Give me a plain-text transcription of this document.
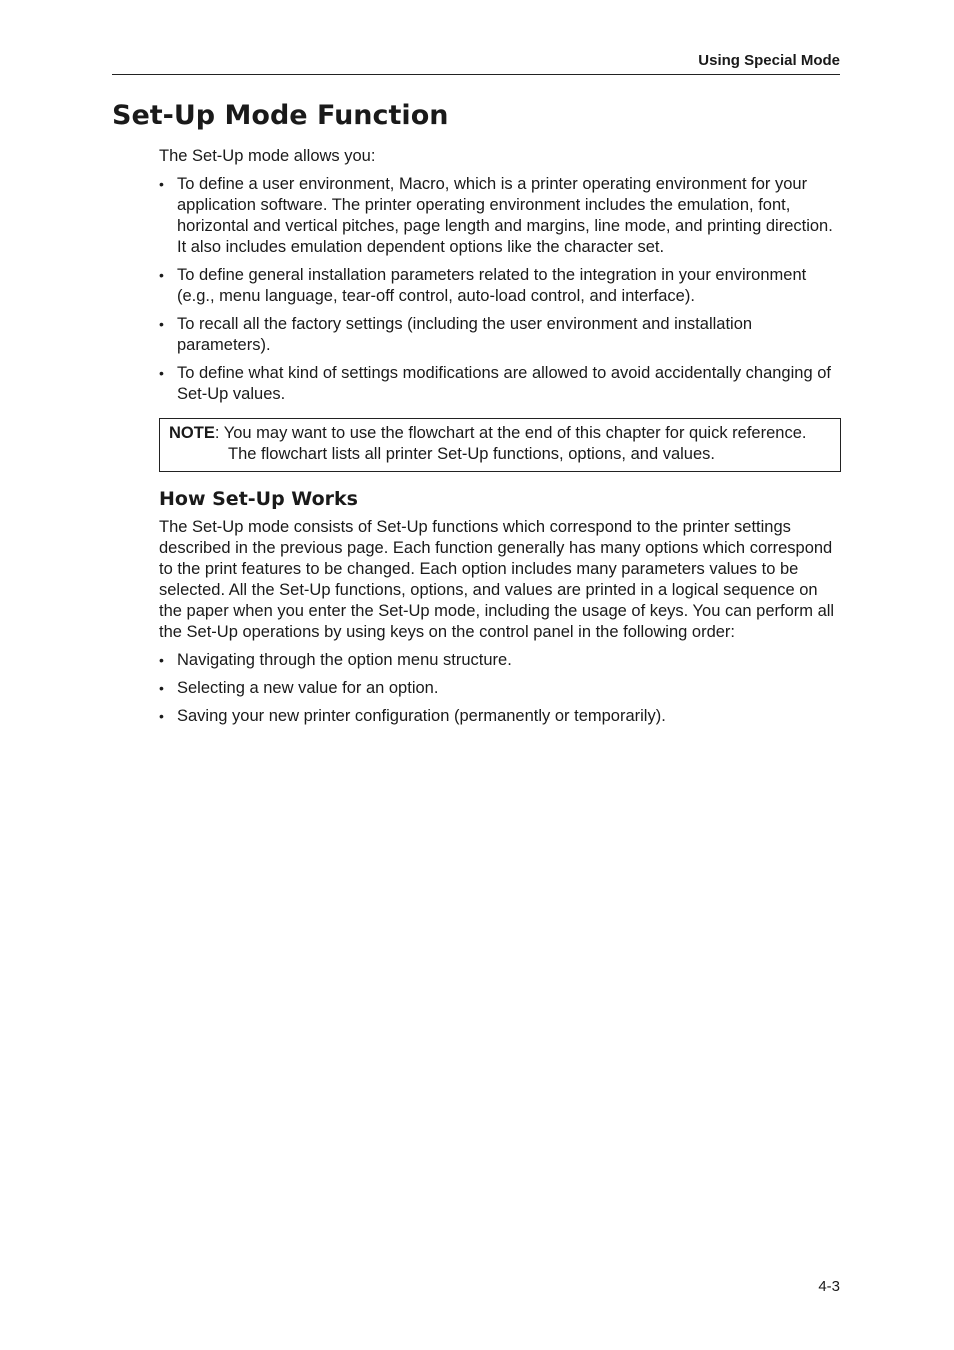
Using Special Mode
Set-Up Mode Function

The Set-Up mode allows you:

• To define a user environment, Macro, which is a printer operating environment for your application software. The printer operating environment includes the emulation, font, horizontal and vertical pitches, page length and margins, line mode, and printing direction. It also includes emulation dependent options like the character set.
• To define general installation parameters related to the integration in your environment (e.g., menu language, tear-off control, auto-load control, and interface).
• To recall all the factory settings (including the user environment and installation parameters).
• To define what kind of settings modifications are allowed to avoid accidentally changing of Set-Up values.
NOTE: You may want to use the flowchart at the end of this chapter for quick reference. The flowchart lists all printer Set-Up functions, options, and values.
How Set-Up Works

The Set-Up mode consists of Set-Up functions which correspond to the printer settings described in the previous page. Each function generally has many options which correspond to the print features to be changed. Each option includes many parameters values to be selected. All the Set-Up functions, options, and values are printed in a logical sequence on the paper when you enter the Set-Up mode, including the usage of keys. You can perform all the Set-Up operations by using keys on the control panel in the following order:

• Navigating through the option menu structure.
• Selecting a new value for an option.
• Saving your new printer configuration (permanently or temporarily).
4-3
